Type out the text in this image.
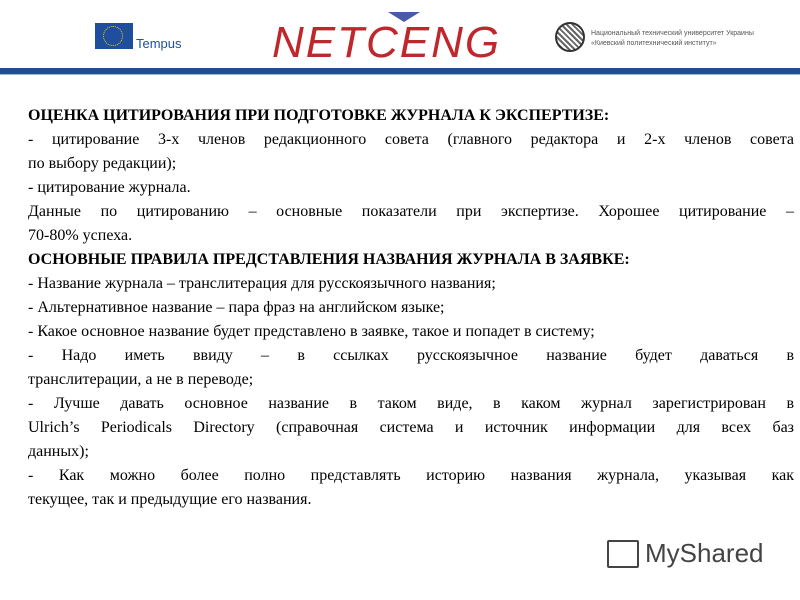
Tempus NETCENG	Национальный технический университет Украины
«Киевский политехнический институт»
ОЦЕНКА ЦИТИРОВАНИЯ ПРИ ПОДГОТОВКЕ ЖУРНАЛА К ЭКСПЕРТИЗЕ:
- цитирование 3-х членов редакционного совета (главного редактора и 2-х членов совета
по выбору редакции);
- цитирование журнала.
Данные по цитированию – основные показатели при экспертизе. Хорошее цитирование –
70-80% успеха.
ОСНОВНЫЕ ПРАВИЛА ПРЕДСТАВЛЕНИЯ НАЗВАНИЯ ЖУРНАЛА В ЗАЯВКЕ:
- Название журнала – транслитерация для русскоязычного названия;
- Альтернативное название – пара фраз на английском языке;
- Какое основное название будет представлено в заявке, такое и попадет в систему;
- Надо иметь ввиду – в ссылках русскоязычное название будет даваться в
транслитерации, а не в переводе;
- Лучше давать основное название в таком виде, в каком журнал зарегистрирован в
Ulrich’s Periodicals Directory (справочная система и источник информации для всех баз
данных);
- Как можно более полно представлять историю названия журнала, указывая как
текущее, так и предыдущие его названия.
MyShared
